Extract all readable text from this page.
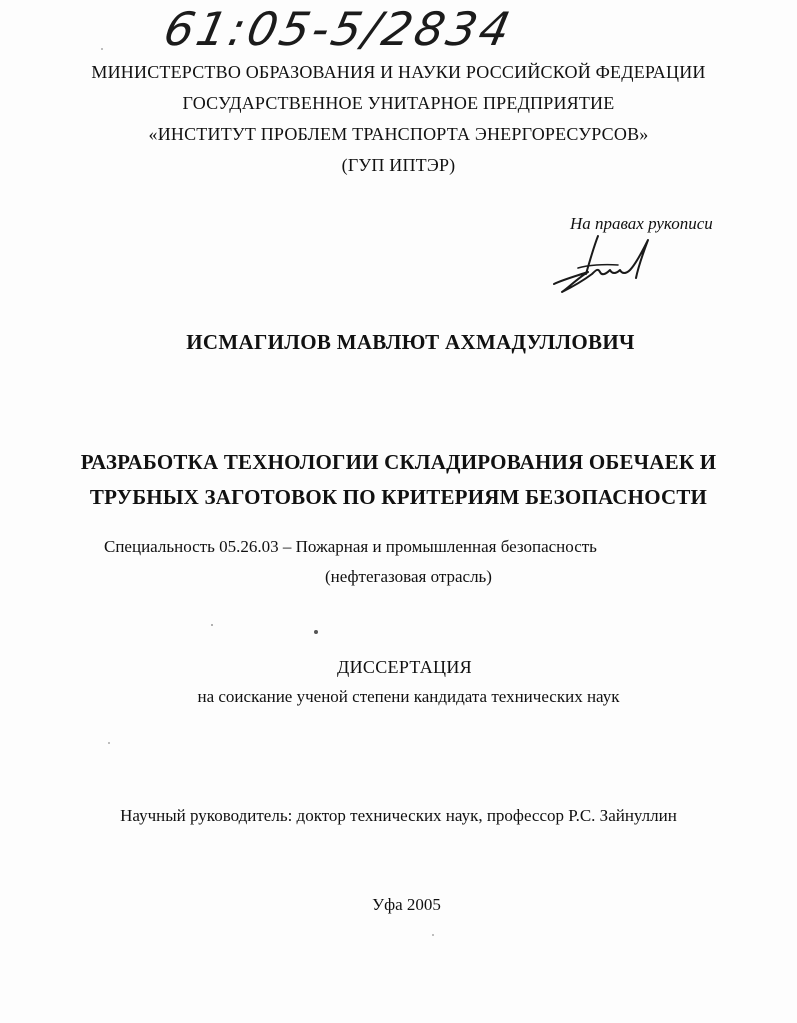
61:05-5/2834
МИНИСТЕРСТВО ОБРАЗОВАНИЯ И НАУКИ РОССИЙСКОЙ ФЕДЕРАЦИИ
ГОСУДАРСТВЕННОЕ УНИТАРНОЕ ПРЕДПРИЯТИЕ
«ИНСТИТУТ ПРОБЛЕМ ТРАНСПОРТА ЭНЕРГОРЕСУРСОВ»
(ГУП ИПТЭР)
На правах рукописи
ИСМАГИЛОВ МАВЛЮТ АХМАДУЛЛОВИЧ
РАЗРАБОТКА ТЕХНОЛОГИИ СКЛАДИРОВАНИЯ ОБЕЧАЕК И
ТРУБНЫХ ЗАГОТОВОК ПО КРИТЕРИЯМ БЕЗОПАСНОСТИ
Специальность 05.26.03 – Пожарная и промышленная безопасность
(нефтегазовая отрасль)
ДИССЕРТАЦИЯ
на соискание ученой степени кандидата технических наук
Научный руководитель: доктор технических наук, профессор Р.С. Зайнуллин
Уфа 2005
